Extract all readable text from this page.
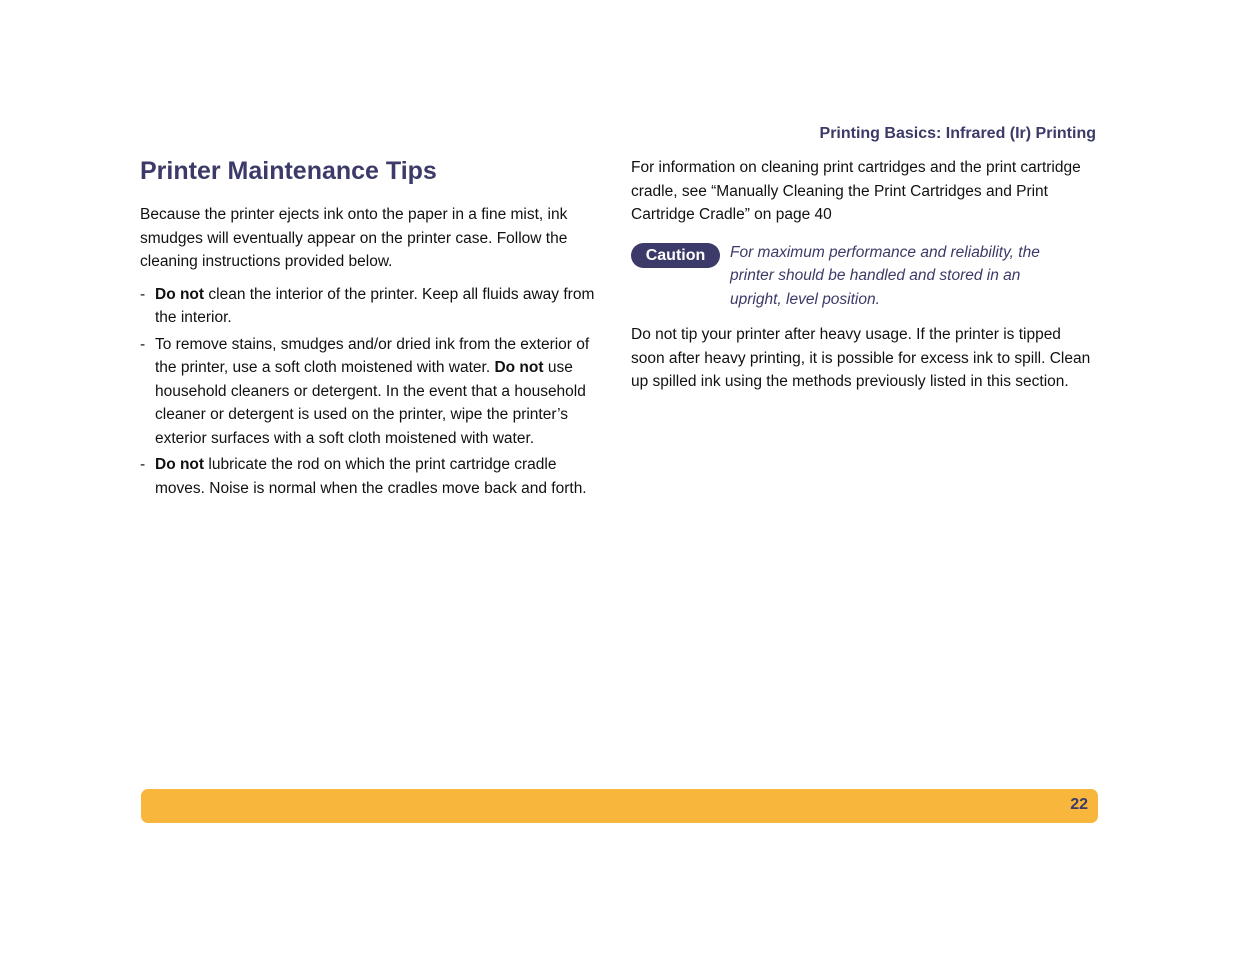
Printing Basics: Infrared (Ir) Printing
Printer Maintenance Tips

Because the printer ejects ink onto the paper in a fine mist, ink smudges will eventually appear on the printer case. Follow the cleaning instructions provided below.

- Do not clean the interior of the printer. Keep all fluids away from the interior.
- To remove stains, smudges and/or dried ink from the exterior of the printer, use a soft cloth moistened with water. Do not use household cleaners or detergent. In the event that a household cleaner or detergent is used on the printer, wipe the printer’s exterior surfaces with a soft cloth moistened with water.
- Do not lubricate the rod on which the print cartridge cradle moves. Noise is normal when the cradles move back and forth.

For information on cleaning print cartridges and the print cartridge cradle, see “Manually Cleaning the Print Cartridges and Print Cartridge Cradle” on page 40

Caution	For maximum performance and reliability, the printer should be handled and stored in an upright, level position.

Do not tip your printer after heavy usage. If the printer is tipped soon after heavy printing, it is possible for excess ink to spill. Clean up spilled ink using the methods previously listed in this section.

22
